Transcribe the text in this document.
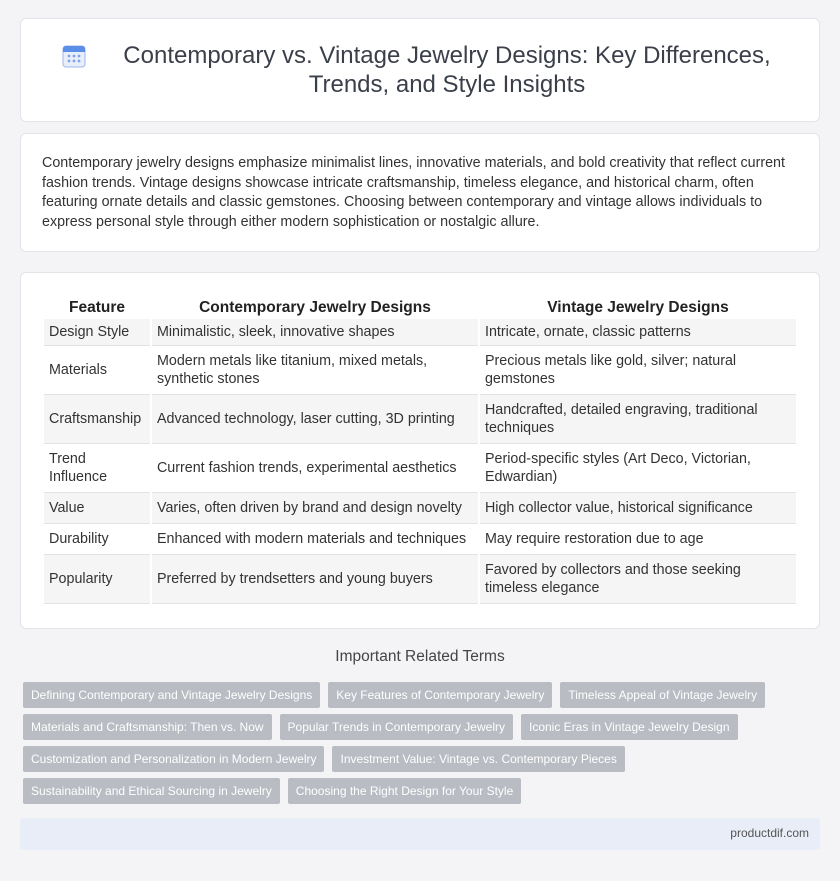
Contemporary vs. Vintage Jewelry Designs: Key Differences, Trends, and Style Insights

Contemporary jewelry designs emphasize minimalist lines, innovative materials, and bold creativity that reflect current fashion trends. Vintage designs showcase intricate craftsmanship, timeless elegance, and historical charm, often featuring ornate details and classic gemstones. Choosing between contemporary and vintage allows individuals to express personal style through either modern sophistication or nostalgic allure.

Feature	Contemporary Jewelry Designs	Vintage Jewelry Designs
Design Style	Minimalistic, sleek, innovative shapes	Intricate, ornate, classic patterns
Materials	Modern metals like titanium, mixed metals, synthetic stones	Precious metals like gold, silver; natural gemstones
Craftsmanship	Advanced technology, laser cutting, 3D printing	Handcrafted, detailed engraving, traditional techniques
Trend Influence	Current fashion trends, experimental aesthetics	Period-specific styles (Art Deco, Victorian, Edwardian)
Value	Varies, often driven by brand and design novelty	High collector value, historical significance
Durability	Enhanced with modern materials and techniques	May require restoration due to age
Popularity	Preferred by trendsetters and young buyers	Favored by collectors and those seeking timeless elegance
Important Related Terms
Defining Contemporary and Vintage Jewelry Designs	Key Features of Contemporary Jewelry	Timeless Appeal of Vintage Jewelry
Materials and Craftsmanship: Then vs. Now	Popular Trends in Contemporary Jewelry	Iconic Eras in Vintage Jewelry Design
Customization and Personalization in Modern Jewelry	Investment Value: Vintage vs. Contemporary Pieces
Sustainability and Ethical Sourcing in Jewelry	Choosing the Right Design for Your Style
productdif.com
